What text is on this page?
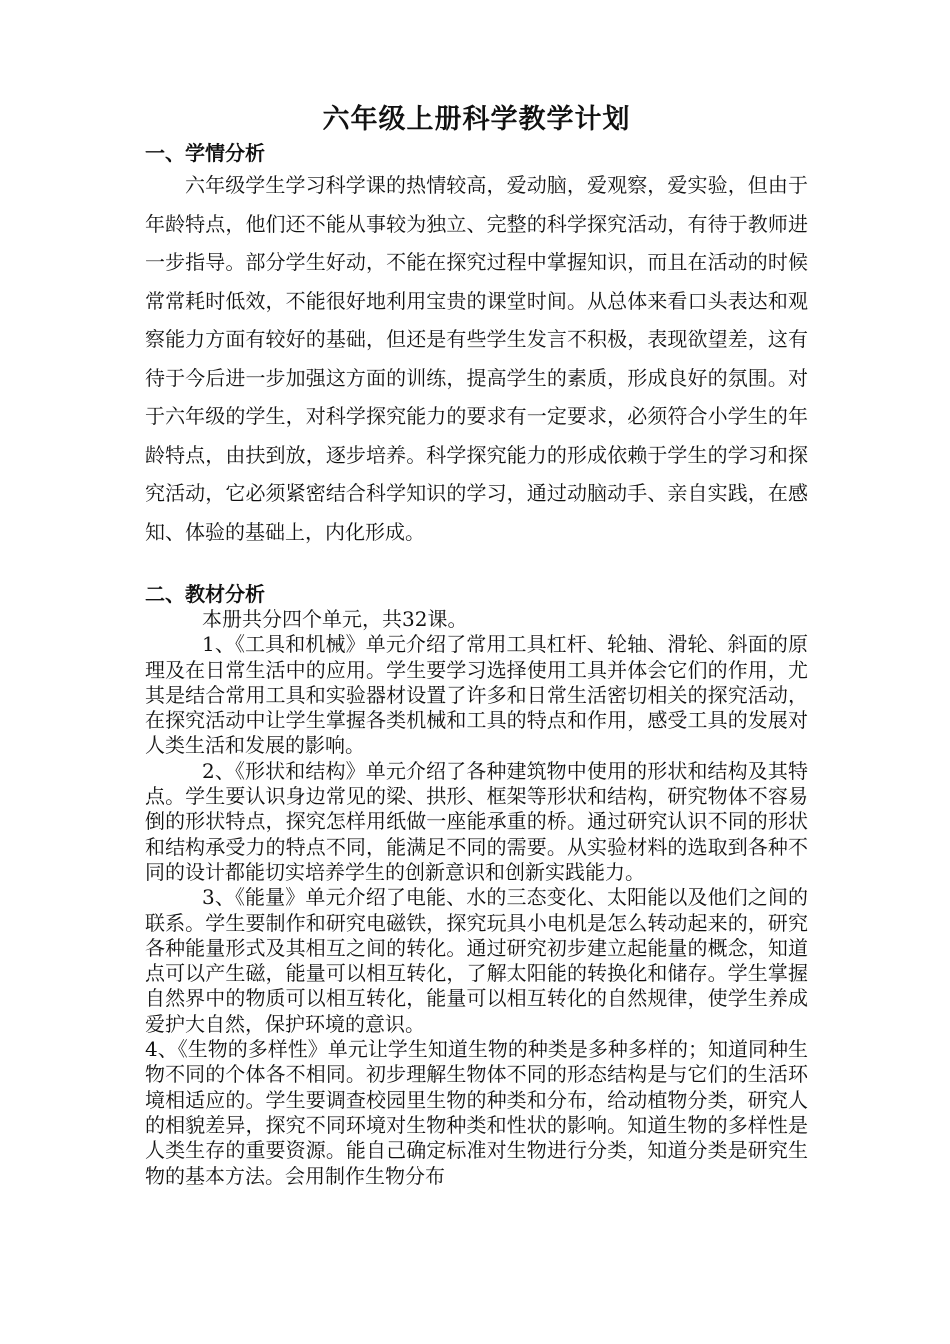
六年级上册科学教学计划
一、学情分析

六年级学生学习科学课的热情较高，爱动脑，爱观察，爱实验，但由于年龄特点，他们还不能从事较为独立、完整的科学探究活动，有待于教师进一步指导。部分学生好动，不能在探究过程中掌握知识，而且在活动的时候常常耗时低效，不能很好地利用宝贵的课堂时间。从总体来看口头表达和观察能力方面有较好的基础，但还是有些学生发言不积极，表现欲望差，这有待于今后进一步加强这方面的训练，提高学生的素质，形成良好的氛围。对于六年级的学生，对科学探究能力的要求有一定要求，必须符合小学生的年龄特点，由扶到放，逐步培养。科学探究能力的形成依赖于学生的学习和探究活动，它必须紧密结合科学知识的学习，通过动脑动手、亲自实践，在感知、体验的基础上，内化形成。

二、教材分析

本册共分四个单元，共32课。

1、《工具和机械》单元介绍了常用工具杠杆、轮轴、滑轮、斜面的原理及在日常生活中的应用。学生要学习选择使用工具并体会它们的作用，尤其是结合常用工具和实验器材设置了许多和日常生活密切相关的探究活动，在探究活动中让学生掌握各类机械和工具的特点和作用，感受工具的发展对人类生活和发展的影响。

2、《形状和结构》单元介绍了各种建筑物中使用的形状和结构及其特点。学生要认识身边常见的梁、拱形、框架等形状和结构，研究物体不容易倒的形状特点，探究怎样用纸做一座能承重的桥。通过研究认识不同的形状和结构承受力的特点不同，能满足不同的需要。从实验材料的选取到各种不同的设计都能切实培养学生的创新意识和创新实践能力。

3、《能量》单元介绍了电能、水的三态变化、太阳能以及他们之间的联系。学生要制作和研究电磁铁，探究玩具小电机是怎么转动起来的，研究各种能量形式及其相互之间的转化。通过研究初步建立起能量的概念，知道点可以产生磁，能量可以相互转化，了解太阳能的转换化和储存。学生掌握自然界中的物质可以相互转化，能量可以相互转化的自然规律，使学生养成爱护大自然，保护环境的意识。

4、《生物的多样性》单元让学生知道生物的种类是多种多样的；知道同种生物不同的个体各不相同。初步理解生物体不同的形态结构是与它们的生活环境相适应的。学生要调查校园里生物的种类和分布，给动植物分类，研究人的相貌差异，探究不同环境对生物种类和性状的影响。知道生物的多样性是人类生存的重要资源。能自己确定标准对生物进行分类，知道分类是研究生物的基本方法。会用制作生物分布
